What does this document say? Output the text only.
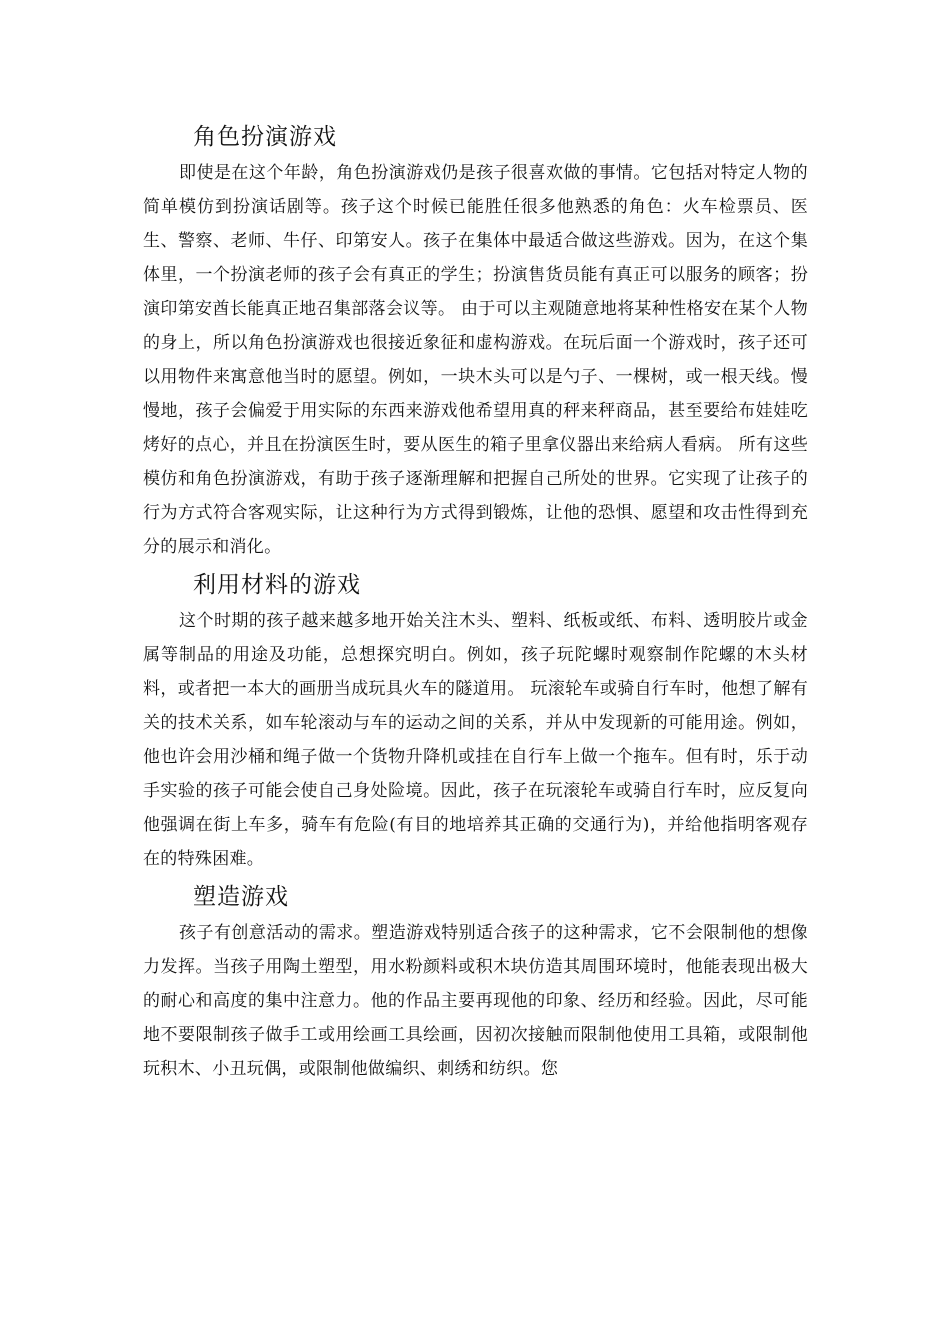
角色扮演游戏

即使是在这个年龄，角色扮演游戏仍是孩子很喜欢做的事情。它包括对特定人物的简单模仿到扮演话剧等。孩子这个时候已能胜任很多他熟悉的角色：火车检票员、医生、警察、老师、牛仔、印第安人。孩子在集体中最适合做这些游戏。因为，在这个集体里，一个扮演老师的孩子会有真正的学生；扮演售货员能有真正可以服务的顾客；扮演印第安酋长能真正地召集部落会议等。 由于可以主观随意地将某种性格安在某个人物的身上，所以角色扮演游戏也很接近象征和虚构游戏。在玩后面一个游戏时，孩子还可以用物件来寓意他当时的愿望。例如，一块木头可以是勺子、一棵树，或一根天线。慢慢地，孩子会偏爱于用实际的东西来游戏他希望用真的秤来秤商品，甚至要给布娃娃吃烤好的点心，并且在扮演医生时，要从医生的箱子里拿仪器出来给病人看病。 所有这些模仿和角色扮演游戏，有助于孩子逐渐理解和把握自己所处的世界。它实现了让孩子的行为方式符合客观实际，让这种行为方式得到锻炼，让他的恐惧、愿望和攻击性得到充分的展示和消化。

利用材料的游戏

这个时期的孩子越来越多地开始关注木头、塑料、纸板或纸、布料、透明胶片或金属等制品的用途及功能，总想探究明白。例如，孩子玩陀螺时观察制作陀螺的木头材料，或者把一本大的画册当成玩具火车的隧道用。 玩滚轮车或骑自行车时，他想了解有关的技术关系，如车轮滚动与车的运动之间的关系，并从中发现新的可能用途。例如，他也许会用沙桶和绳子做一个货物升降机或挂在自行车上做一个拖车。但有时，乐于动手实验的孩子可能会使自己身处险境。因此，孩子在玩滚轮车或骑自行车时，应反复向他强调在街上车多，骑车有危险(有目的地培养其正确的交通行为)，并给他指明客观存在的特殊困难。

塑造游戏

孩子有创意活动的需求。塑造游戏特别适合孩子的这种需求，它不会限制他的想像力发挥。当孩子用陶土塑型，用水粉颜料或积木块仿造其周围环境时，他能表现出极大的耐心和高度的集中注意力。他的作品主要再现他的印象、经历和经验。因此，尽可能地不要限制孩子做手工或用绘画工具绘画，因初次接触而限制他使用工具箱，或限制他玩积木、小丑玩偶，或限制他做编织、刺绣和纺织。您
